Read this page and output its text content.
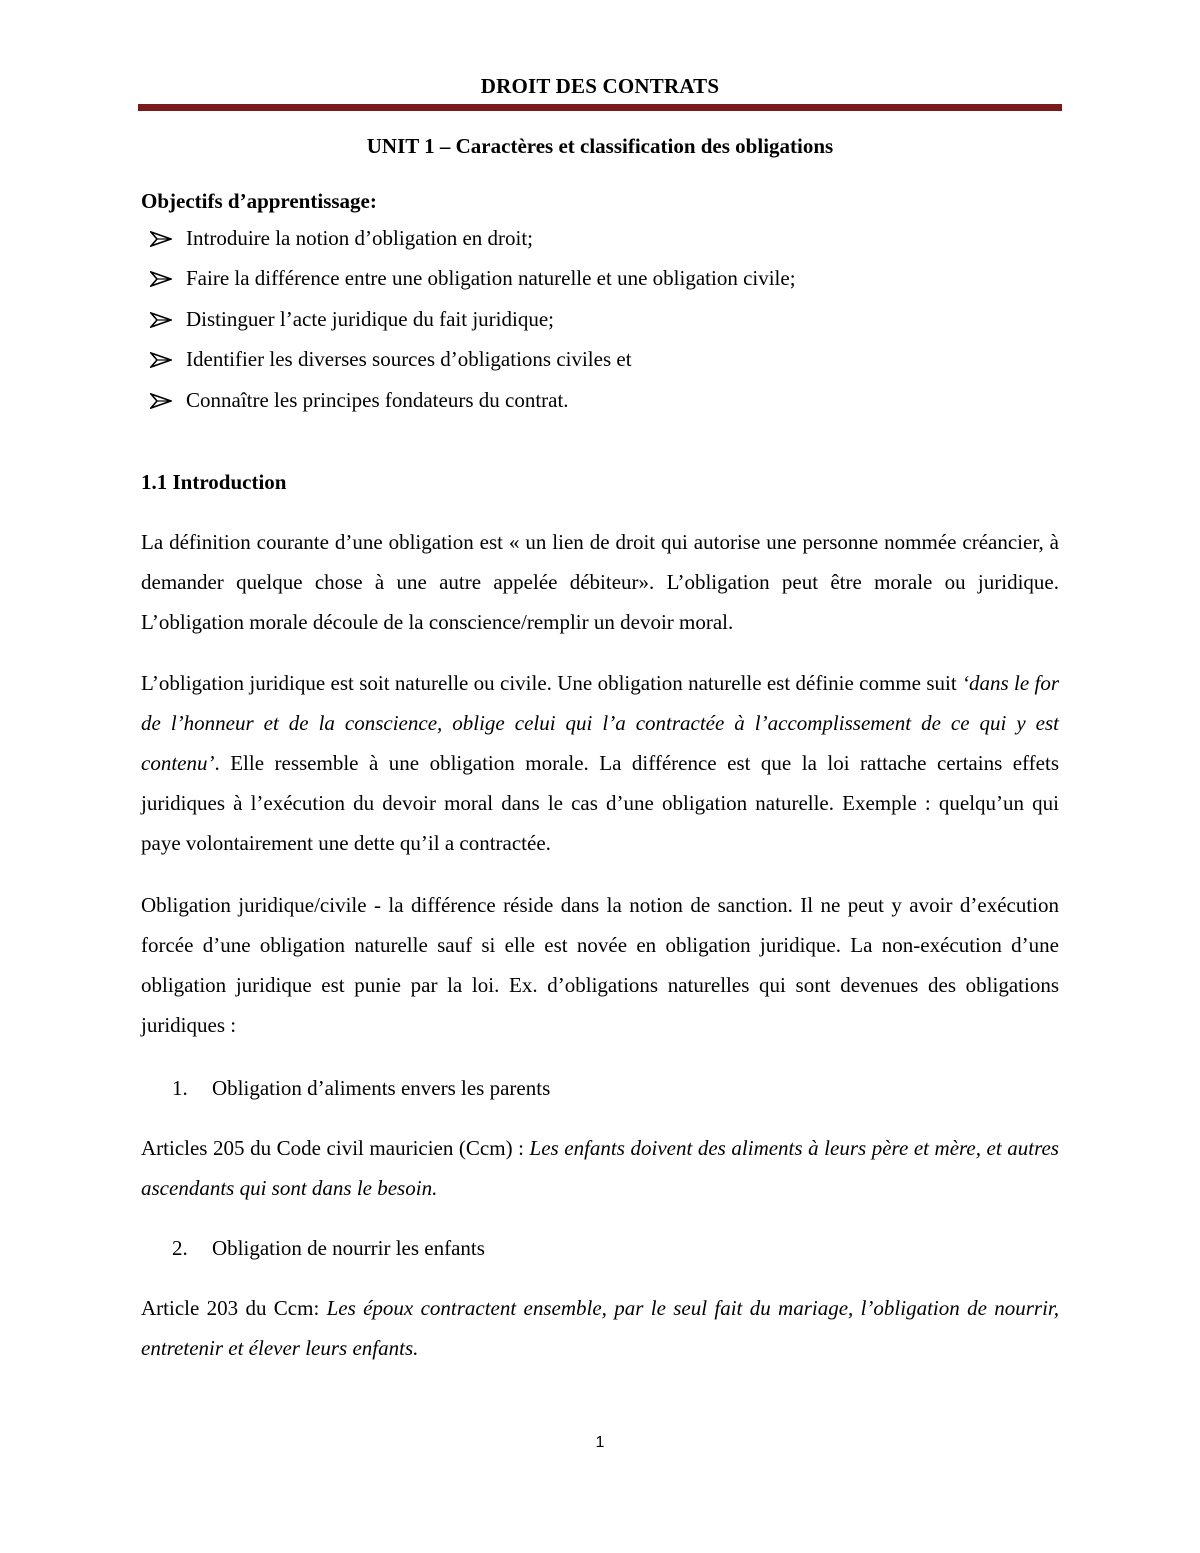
DROIT DES CONTRATS
UNIT 1 – Caractères et classification des obligations
Objectifs d’apprentissage:
Introduire la notion d’obligation en droit;
Faire la différence entre une obligation naturelle et une obligation civile;
Distinguer l’acte juridique du fait juridique;
Identifier les diverses sources d’obligations civiles et
Connaître les principes fondateurs du contrat.
1.1 Introduction
La définition courante d’une obligation est « un lien de droit qui autorise une personne nommée créancier, à demander quelque chose à une autre appelée débiteur». L’obligation peut être morale ou juridique. L’obligation morale découle de la conscience/remplir un devoir moral.
L’obligation juridique est soit naturelle ou civile. Une obligation naturelle est définie comme suit ‘dans le for de l’honneur et de la conscience, oblige celui qui l’a contractée à l’accomplissement de ce qui y est contenu’. Elle ressemble à une obligation morale. La différence est que la loi rattache certains effets juridiques à l’exécution du devoir moral dans le cas d’une obligation naturelle. Exemple : quelqu’un qui paye volontairement une dette qu’il a contractée.
Obligation juridique/civile - la différence réside dans la notion de sanction. Il ne peut y avoir d’exécution forcée d’une obligation naturelle sauf si elle est novée en obligation juridique. La non-exécution d’une obligation juridique est punie par la loi. Ex. d’obligations naturelles qui sont devenues des obligations juridiques :
1. Obligation d’aliments envers les parents
Articles 205 du Code civil mauricien (Ccm) : Les enfants doivent des aliments à leurs père et mère, et autres ascendants qui sont dans le besoin.
2. Obligation de nourrir les enfants
Article 203 du Ccm: Les époux contractent ensemble, par le seul fait du mariage, l’obligation de nourrir, entretenir et élever leurs enfants.
1
